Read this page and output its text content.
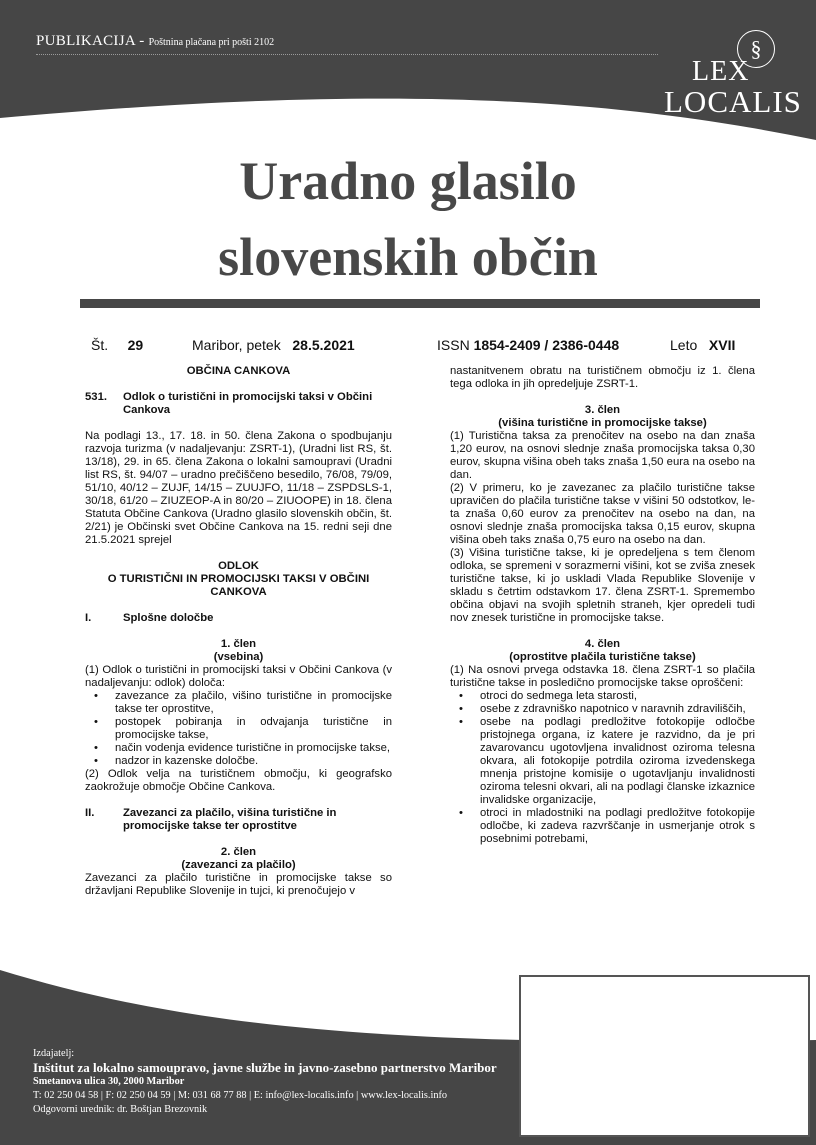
PUBLIKACIJA - Poštnina plačana pri pošti 2102	§
LEX
LOCALIS
Uradno glasilo
slovenskih občin
Št. 29	Maribor, petek 28.5.2021	ISSN 1854-2409 / 2386-0448	Leto XVII

OBČINA CANKOVA

531.	Odlok o turistični in promocijski taksi v Občini Cankova

Na podlagi 13., 17. 18. in 50. člena Zakona o spodbujanju razvoja turizma (v nadaljevanju: ZSRT-1), (Uradni list RS, št. 13/18), 29. in 65. člena Zakona o lokalni samoupravi (Uradni list RS, št. 94/07 – uradno prečiščeno besedilo, 76/08, 79/09, 51/10, 40/12 – ZUJF, 14/15 – ZUUJFO, 11/18 – ZSPDSLS-1, 30/18, 61/20 – ZIUZEOP-A in 80/20 – ZIUOOPE) in 18. člena Statuta Občine Cankova (Uradno glasilo slovenskih občin, št. 2/21) je Občinski svet Občine Cankova na 15. redni seji dne 21.5.2021 sprejel

ODLOK

O TURISTIČNI IN PROMOCIJSKI TAKSI V OBČINI CANKOVA

I.	Splošne določbe

1. člen

(vsebina)

(1) Odlok o turistični in promocijski taksi v Občini Cankova (v nadaljevanju: odlok) določa:

• zavezance za plačilo, višino turistične in promocijske takse ter oprostitve,
• postopek pobiranja in odvajanja turistične in promocijske takse,
• način vodenja evidence turistične in promocijske takse,
• nadzor in kazenske določbe.

(2) Odlok velja na turističnem območju, ki geografsko zaokrožuje območje Občine Cankova.

II.	Zavezanci za plačilo, višina turistične in promocijske takse ter oprostitve

2. člen

(zavezanci za plačilo)

Zavezanci za plačilo turistične in promocijske takse so državljani Republike Slovenije in tujci, ki prenočujejo v

nastanitvenem obratu na turističnem območju iz 1. člena tega odloka in jih opredeljuje ZSRT-1.

3. člen

(višina turistične in promocijske takse)

(1) Turistična taksa za prenočitev na osebo na dan znaša 1,20 eurov, na osnovi slednje znaša promocijska taksa 0,30 eurov, skupna višina obeh taks znaša 1,50 eura na osebo na dan.

(2) V primeru, ko je zavezanec za plačilo turistične takse upravičen do plačila turistične takse v višini 50 odstotkov, le-ta znaša 0,60 eurov za prenočitev na osebo na dan, na osnovi slednje znaša promocijska taksa 0,15 eurov, skupna višina obeh taks znaša 0,75 euro na osebo na dan.

(3) Višina turistične takse, ki je opredeljena s tem členom odloka, se spremeni v sorazmerni višini, kot se zviša znesek turistične takse, ki jo uskladi Vlada Republike Slovenije v skladu s četrtim odstavkom 17. člena ZSRT-1. Spremembo občina objavi na svojih spletnih straneh, kjer opredeli tudi nov znesek turistične in promocijske takse.

4. člen

(oprostitve plačila turistične takse)

(1) Na osnovi prvega odstavka 18. člena ZSRT-1 so plačila turistične takse in posledično promocijske takse oproščeni:

• otroci do sedmega leta starosti,
• osebe z zdravniško napotnico v naravnih zdraviliščih,
• osebe na podlagi predložitve fotokopije odločbe pristojnega organa, iz katere je razvidno, da je pri zavarovancu ugotovljena invalidnost oziroma telesna okvara, ali fotokopije potrdila oziroma izvedenskega mnenja pristojne komisije o ugotavljanju invalidnosti oziroma telesni okvari, ali na podlagi članske izkaznice invalidske organizacije,
• otroci in mladostniki na podlagi predložitve fotokopije odločbe, ki zadeva razvrščanje in usmerjanje otrok s posebnimi potrebami,
Izdajatelj:
Inštitut za lokalno samoupravo, javne službe in javno-zasebno partnerstvo Maribor
Smetanova ulica 30, 2000 Maribor
T: 02 250 04 58 | F: 02 250 04 59 | M: 031 68 77 88 | E: info@lex-localis.info | www.lex-localis.info
Odgovorni urednik: dr. Boštjan Brezovnik
